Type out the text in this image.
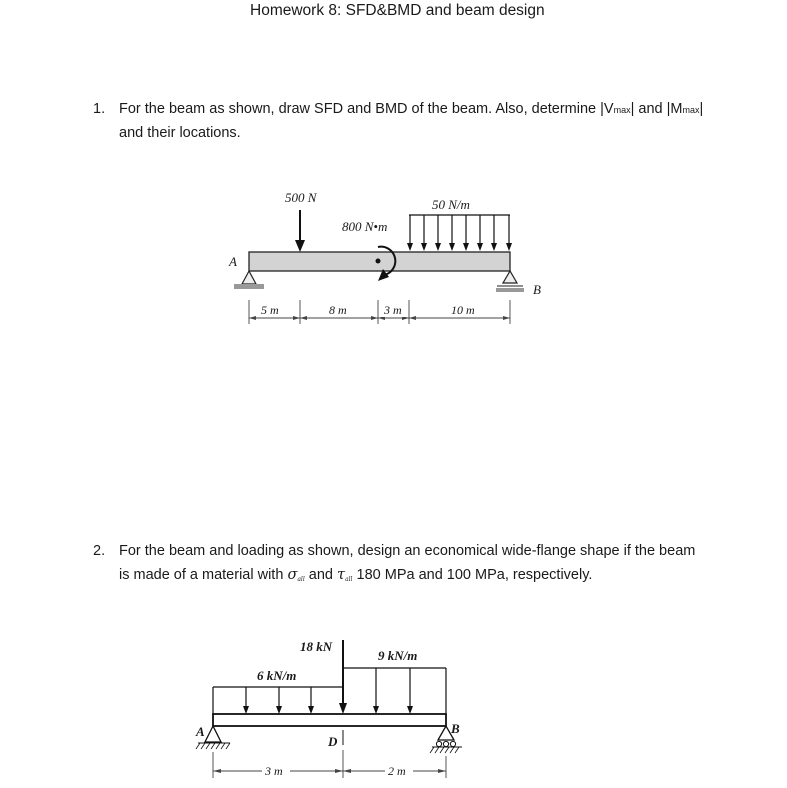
Homework 8: SFD&BMD and beam design
1. For the beam as shown, draw SFD and BMD of the beam. Also, determine |Vmax| and |Mmax|
and their locations.
500 N
800 N•m
50 N/m
A
B
5 m	8 m	3 m	10 m
2. For the beam and loading as shown, design an economical wide-flange shape if the beam
is made of a material with σall and τall 180 MPa and 100 MPa, respectively.
18 kN
6 kN/m
9 kN/m
A	B
D
3 m	2 m
